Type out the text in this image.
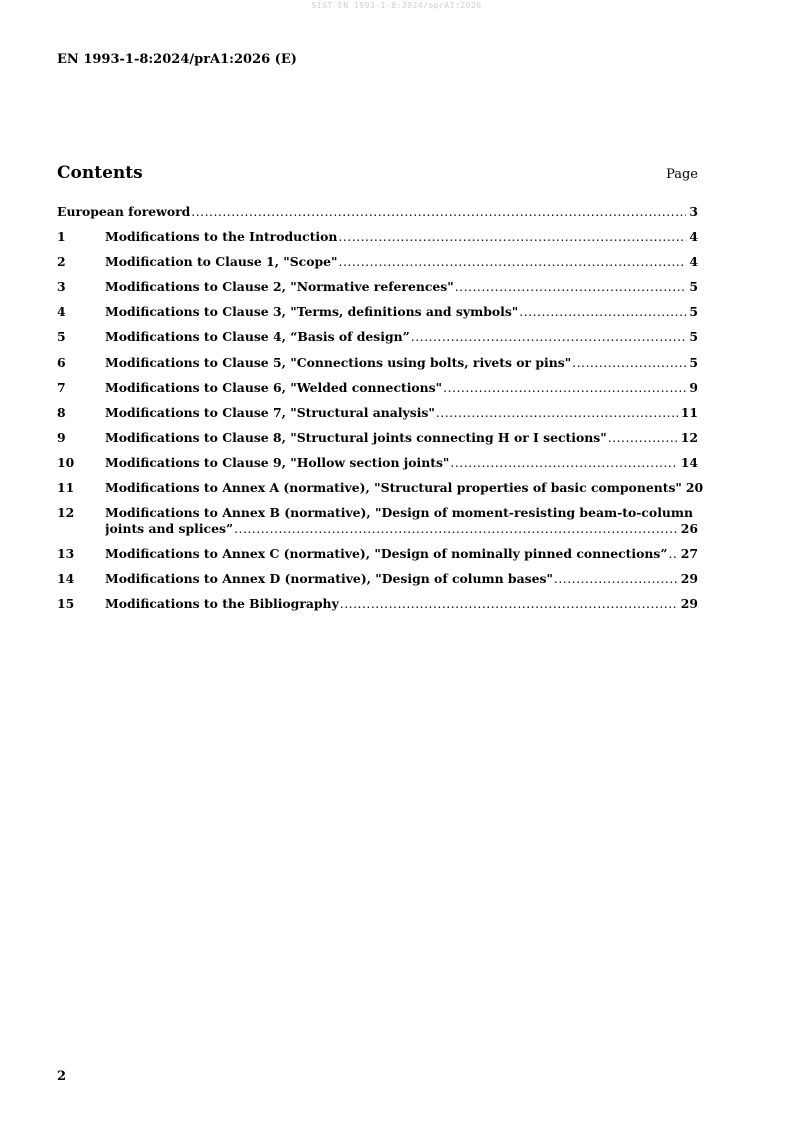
SIST EN 1993-1-8:2024/oprA1:2026
EN 1993-1-8:2024/prA1:2026 (E)
Contents	Page
European foreword .....	3
1	Modifications to the Introduction .....	4
2	Modification to Clause 1, "Scope" .....	4
3	Modifications to Clause 2, "Normative references" .....	5
4	Modifications to Clause 3, "Terms, definitions and symbols" .....	5
5	Modifications to Clause 4, “Basis of design” .....	5
6	Modifications to Clause 5, "Connections using bolts, rivets or pins" .....	5
7	Modifications to Clause 6, "Welded connections" .....	9
8	Modifications to Clause 7, "Structural analysis" .....	11
9	Modifications to Clause 8, "Structural joints connecting H or I sections" .....	12
10	Modifications to Clause 9, "Hollow section joints" .....	14
11	Modifications to Annex A (normative), "Structural properties of basic components" 20
12	Modifications to Annex B (normative), "Design of moment-resisting beam-to-column
joints and splices” .....	26
13	Modifications to Annex C (normative), "Design of nominally pinned connections” ..... 27
14	Modifications to Annex D (normative), "Design of column bases" .....	29
15	Modifications to the Bibliography .....	29
2
